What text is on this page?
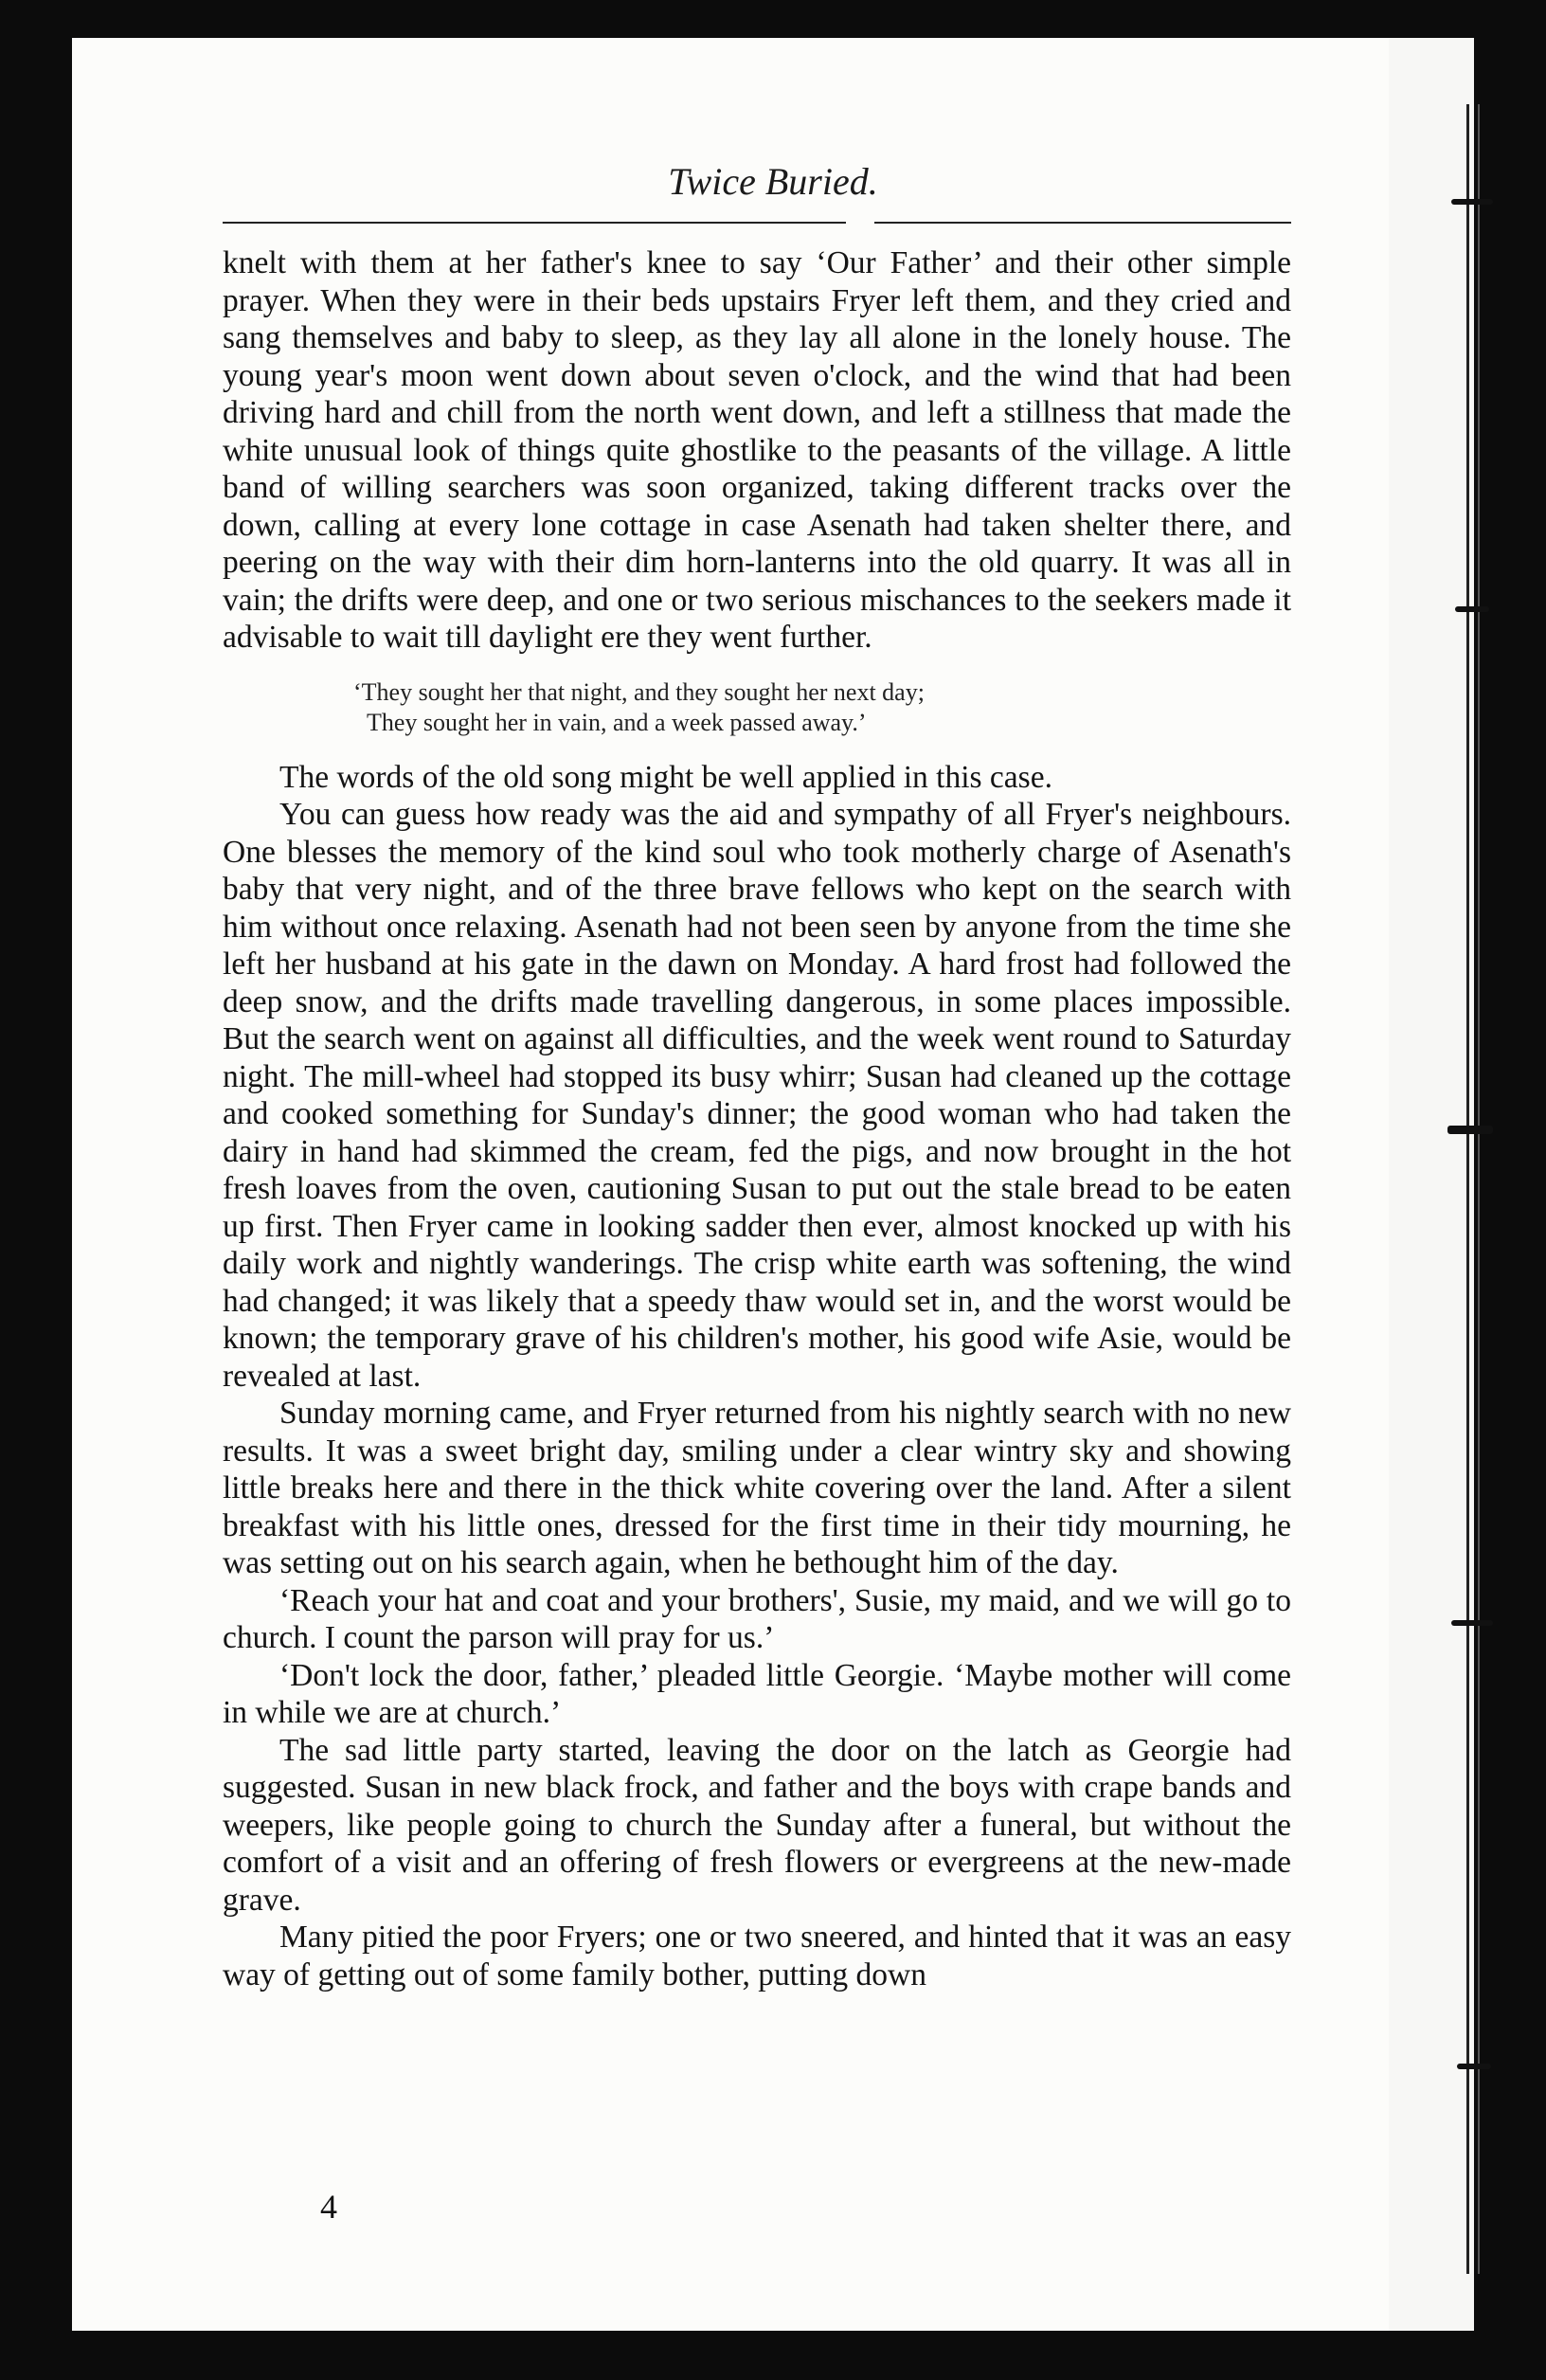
Twice Buried.

knelt with them at her father's knee to say ‘Our Father’ and their other simple prayer. When they were in their beds upstairs Fryer left them, and they cried and sang themselves and baby to sleep, as they lay all alone in the lonely house. The young year's moon went down about seven o'clock, and the wind that had been driving hard and chill from the north went down, and left a stillness that made the white unusual look of things quite ghostlike to the peasants of the village. A little band of willing searchers was soon organized, taking different tracks over the down, calling at every lone cottage in case Asenath had taken shelter there, and peering on the way with their dim horn-lanterns into the old quarry. It was all in vain; the drifts were deep, and one or two serious mischances to the seekers made it advisable to wait till daylight ere they went further.

‘They sought her that night, and they sought her next day;
They sought her in vain, and a week passed away.’

The words of the old song might be well applied in this case.

You can guess how ready was the aid and sympathy of all Fryer's neighbours. One blesses the memory of the kind soul who took motherly charge of Asenath's baby that very night, and of the three brave fellows who kept on the search with him without once relaxing. Asenath had not been seen by anyone from the time she left her husband at his gate in the dawn on Monday. A hard frost had followed the deep snow, and the drifts made travelling dangerous, in some places impossible. But the search went on against all difficulties, and the week went round to Saturday night. The mill-wheel had stopped its busy whirr; Susan had cleaned up the cottage and cooked something for Sunday's dinner; the good woman who had taken the dairy in hand had skimmed the cream, fed the pigs, and now brought in the hot fresh loaves from the oven, cautioning Susan to put out the stale bread to be eaten up first. Then Fryer came in looking sadder then ever, almost knocked up with his daily work and nightly wanderings. The crisp white earth was softening, the wind had changed; it was likely that a speedy thaw would set in, and the worst would be known; the temporary grave of his children's mother, his good wife Asie, would be revealed at last.

Sunday morning came, and Fryer returned from his nightly search with no new results. It was a sweet bright day, smiling under a clear wintry sky and showing little breaks here and there in the thick white covering over the land. After a silent breakfast with his little ones, dressed for the first time in their tidy mourning, he was setting out on his search again, when he bethought him of the day.

‘Reach your hat and coat and your brothers', Susie, my maid, and we will go to church. I count the parson will pray for us.’

‘Don't lock the door, father,’ pleaded little Georgie. ‘Maybe mother will come in while we are at church.’

The sad little party started, leaving the door on the latch as Georgie had suggested. Susan in new black frock, and father and the boys with crape bands and weepers, like people going to church the Sunday after a funeral, but without the comfort of a visit and an offering of fresh flowers or evergreens at the new-made grave.

Many pitied the poor Fryers; one or two sneered, and hinted that it was an easy way of getting out of some family bother, putting down

4
